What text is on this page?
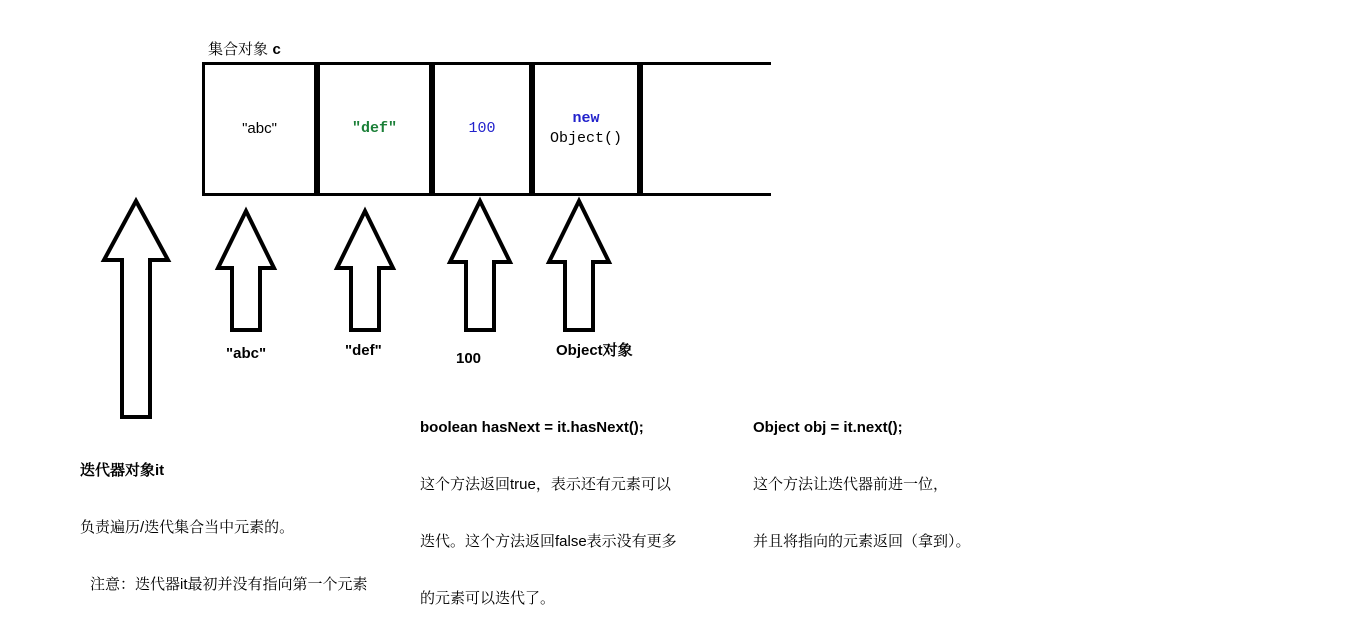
集合对象 c
"abc"	"def"	100
new
Object()
"abc"	"def"	100	Object对象

迭代器对象it

负责遍历/迭代集合当中元素的。

注意：迭代器it最初并没有指向第一个元素

boolean hasNext = it.hasNext();

这个方法返回true，表示还有元素可以

迭代。这个方法返回false表示没有更多

的元素可以迭代了。

Object obj = it.next();

这个方法让迭代器前进一位，

并且将指向的元素返回（拿到）。
